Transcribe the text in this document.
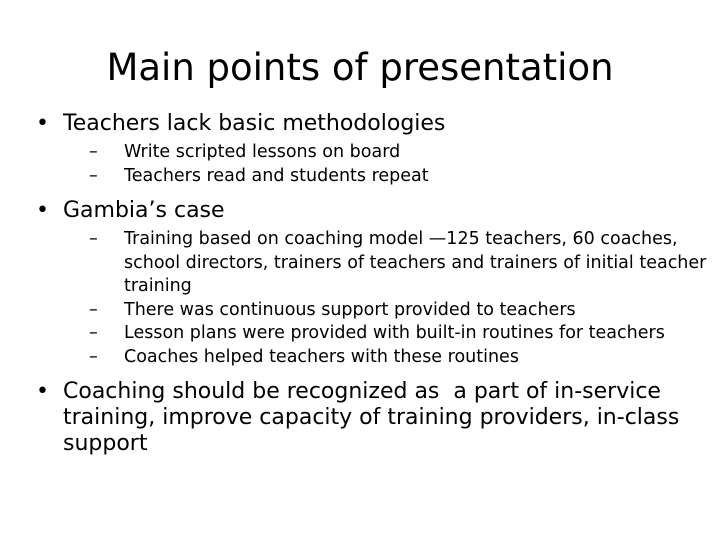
Main points of presentation
• Teachers lack basic methodologies
– Write scripted lessons on board
– Teachers read and students repeat
• Gambia’s case
– Training based on coaching model —125 teachers, 60 coaches, school directors, trainers of teachers and trainers of initial teacher training
– There was continuous support provided to teachers
– Lesson plans were provided with built-in routines for teachers
– Coaches helped teachers with these routines
• Coaching should be recognized as  a part of in-service training, improve capacity of training providers, in-class support
